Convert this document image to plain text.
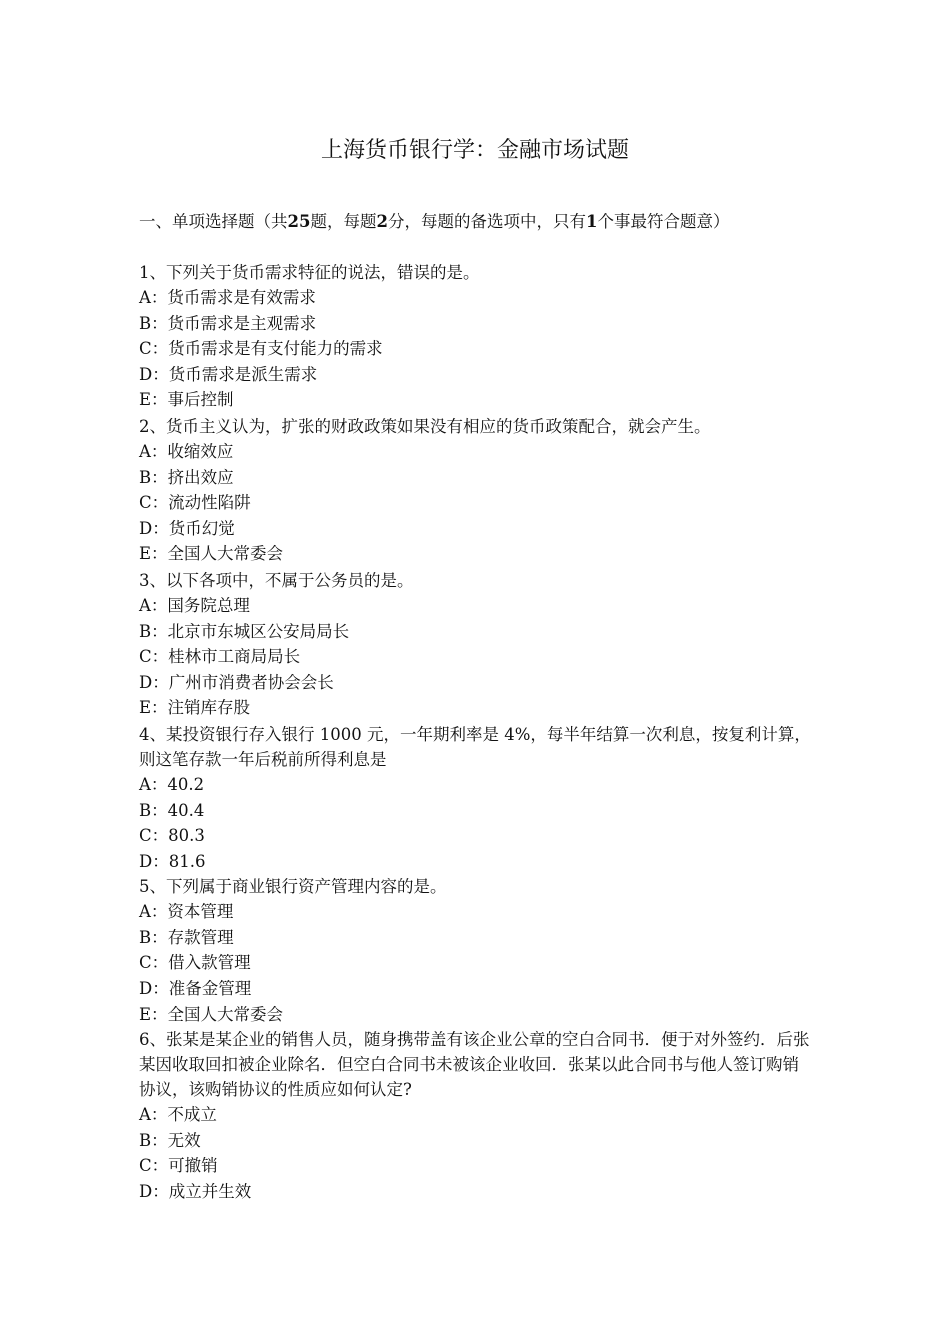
上海货币银行学：金融市场试题
一、单项选择题（共25题，每题2分，每题的备选项中，只有1个事最符合题意）
1、下列关于货币需求特征的说法，错误的是。
A：货币需求是有效需求
B：货币需求是主观需求
C：货币需求是有支付能力的需求
D：货币需求是派生需求
E：事后控制
2、货币主义认为，扩张的财政政策如果没有相应的货币政策配合，就会产生。
A：收缩效应
B：挤出效应
C：流动性陷阱
D：货币幻觉
E：全国人大常委会
3、以下各项中，不属于公务员的是。
A：国务院总理
B：北京市东城区公安局局长
C：桂林市工商局局长
D：广州市消费者协会会长
E：注销库存股
4、某投资银行存入银行 1000 元，一年期利率是 4%，每半年结算一次利息，按复利计算，则这笔存款一年后税前所得利息是
A：40.2
B：40.4
C：80.3
D：81.6
5、下列属于商业银行资产管理内容的是。
A：资本管理
B：存款管理
C：借入款管理
D：准备金管理
E：全国人大常委会
6、张某是某企业的销售人员，随身携带盖有该企业公章的空白合同书．便于对外签约．后张某因收取回扣被企业除名．但空白合同书未被该企业收回．张某以此合同书与他人签订购销协议，该购销协议的性质应如何认定?
A：不成立
B：无效
C：可撤销
D：成立并生效
